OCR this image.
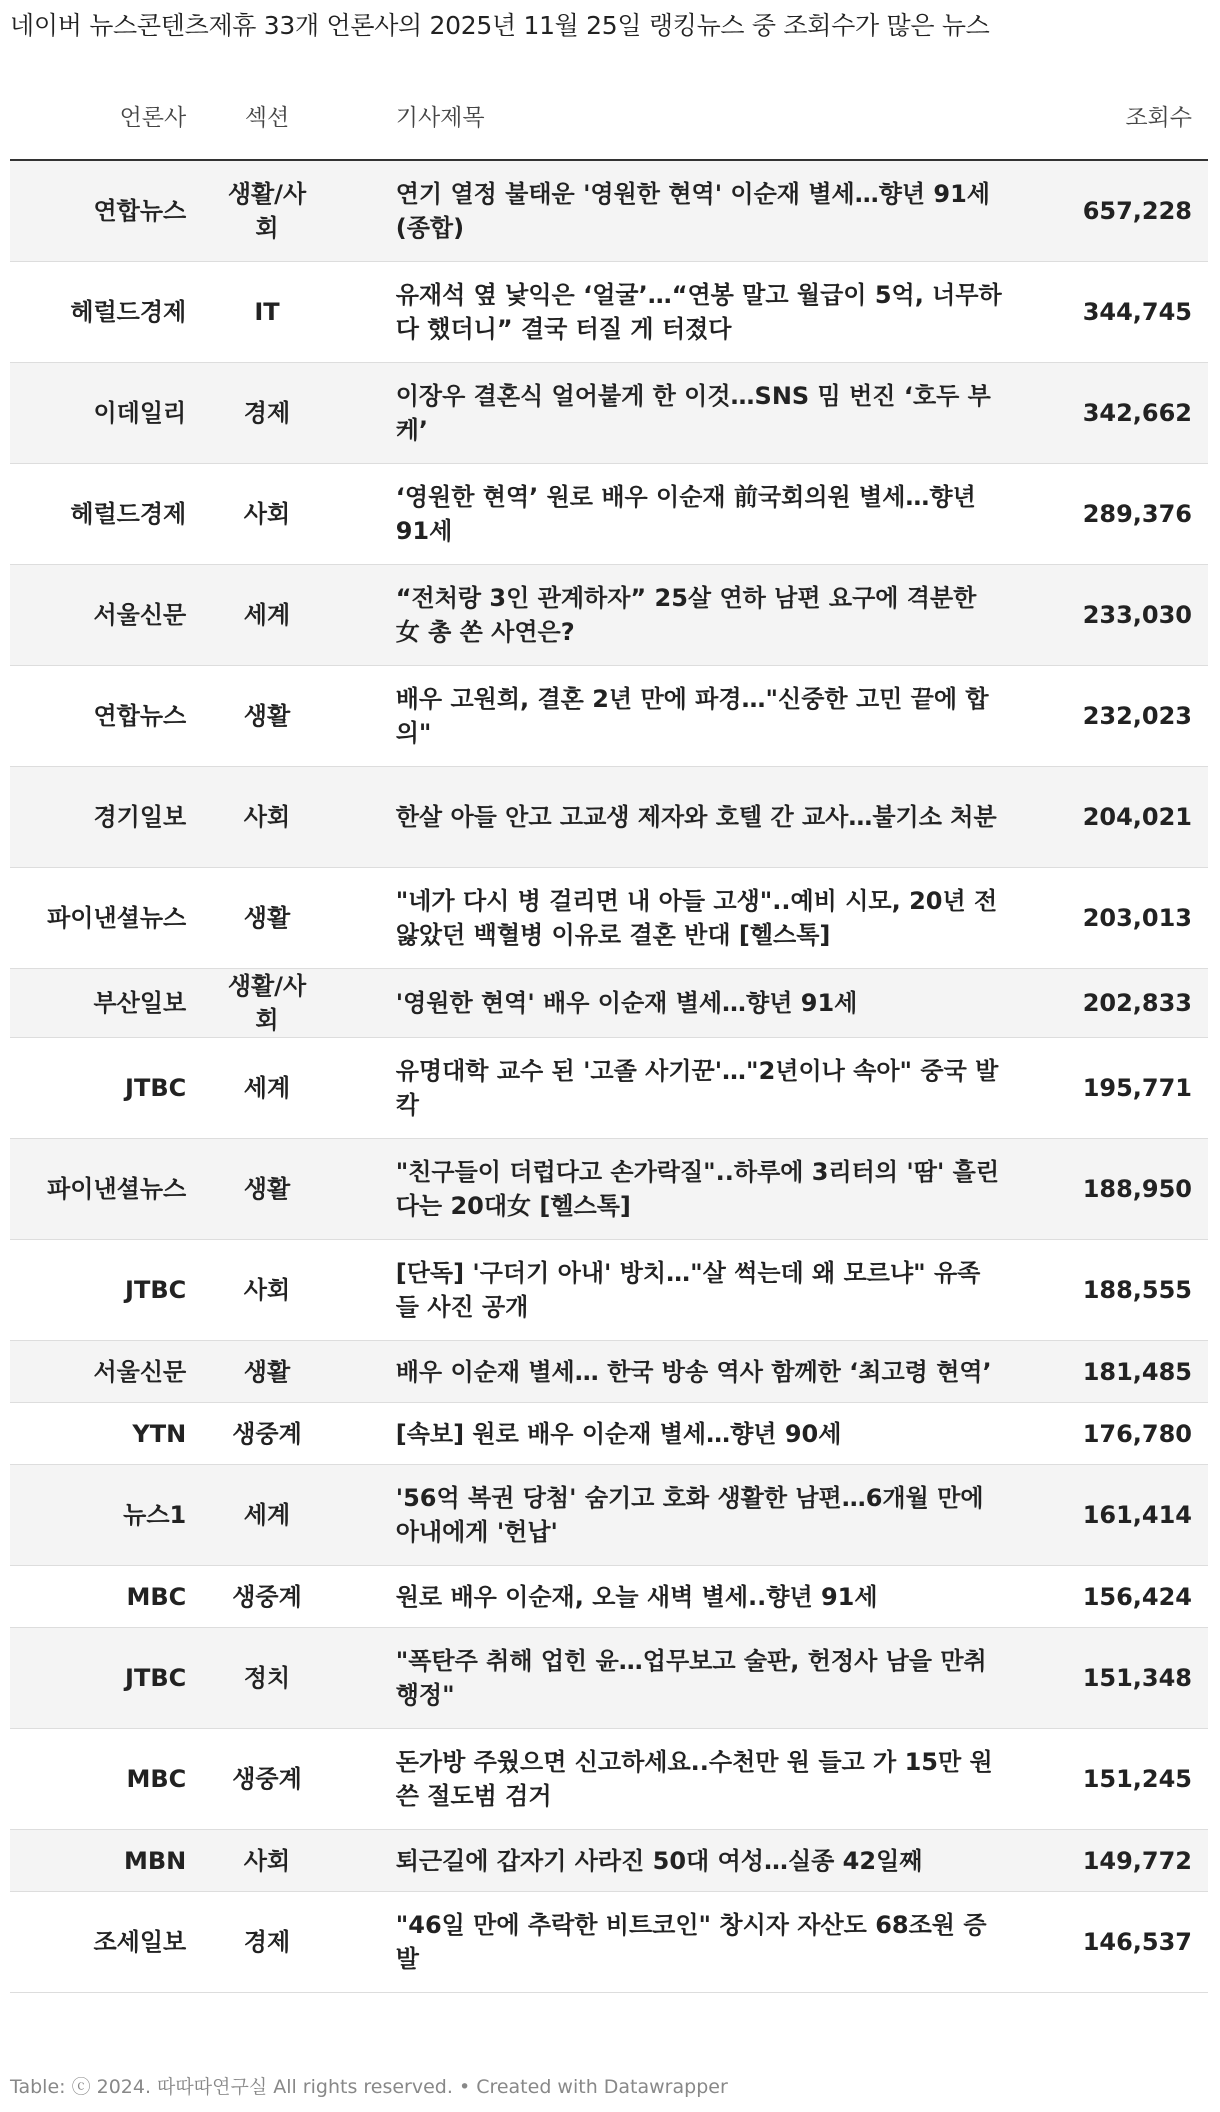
네이버 뉴스콘텐츠제휴 33개 언론사의 2025년 11월 25일 랭킹뉴스 중 조회수가 많은 뉴스
언론사	섹션	기사제목	조회수
연합뉴스	생활/사회	연기 열정 불태운 '영원한 현역' 이순재 별세…향년 91세(종합)	657,228
헤럴드경제	IT	유재석 옆 낯익은 ‘얼굴’…“연봉 말고 월급이 5억, 너무하다 했더니” 결국 터질 게 터졌다	344,745
이데일리	경제	이장우 결혼식 얼어붙게 한 이것…SNS 밈 번진 ‘호두 부케’	342,662
헤럴드경제	사회	‘영원한 현역’ 원로 배우 이순재 前국회의원 별세…향년 91세	289,376
서울신문	세계	“전처랑 3인 관계하자” 25살 연하 남편 요구에 격분한 女 총 쏜 사연은?	233,030
연합뉴스	생활	배우 고원희, 결혼 2년 만에 파경…"신중한 고민 끝에 합의"	232,023
경기일보	사회	한살 아들 안고 고교생 제자와 호텔 간 교사…불기소 처분	204,021
파이낸셜뉴스	생활	"네가 다시 병 걸리면 내 아들 고생"..예비 시모, 20년 전 앓았던 백혈병 이유로 결혼 반대 [헬스톡]	203,013
부산일보	생활/사회	'영원한 현역' 배우 이순재 별세…향년 91세	202,833
JTBC	세계	유명대학 교수 된 '고졸 사기꾼'…"2년이나 속아" 중국 발칵	195,771
파이낸셜뉴스	생활	"친구들이 더럽다고 손가락질"..하루에 3리터의 '땀' 흘린다는 20대女 [헬스톡]	188,950
JTBC	사회	[단독] '구더기 아내' 방치…"살 썩는데 왜 모르냐" 유족들 사진 공개	188,555
서울신문	생활	배우 이순재 별세… 한국 방송 역사 함께한 ‘최고령 현역’	181,485
YTN	생중계	[속보] 원로 배우 이순재 별세…향년 90세	176,780
뉴스1	세계	'56억 복권 당첨' 숨기고 호화 생활한 남편…6개월 만에 아내에게 '헌납'	161,414
MBC	생중계	원로 배우 이순재, 오늘 새벽 별세..향년 91세	156,424
JTBC	정치	"폭탄주 취해 업힌 윤…업무보고 술판, 헌정사 남을 만취 행정"	151,348
MBC	생중계	돈가방 주웠으면 신고하세요..수천만 원 들고 가 15만 원 쓴 절도범 검거	151,245
MBN	사회	퇴근길에 갑자기 사라진 50대 여성…실종 42일째	149,772
조세일보	경제	"46일 만에 추락한 비트코인" 창시자 자산도 68조원 증발	146,537
Table: ⓒ 2024. 따따따연구실 All rights reserved. • Created with Datawrapper
